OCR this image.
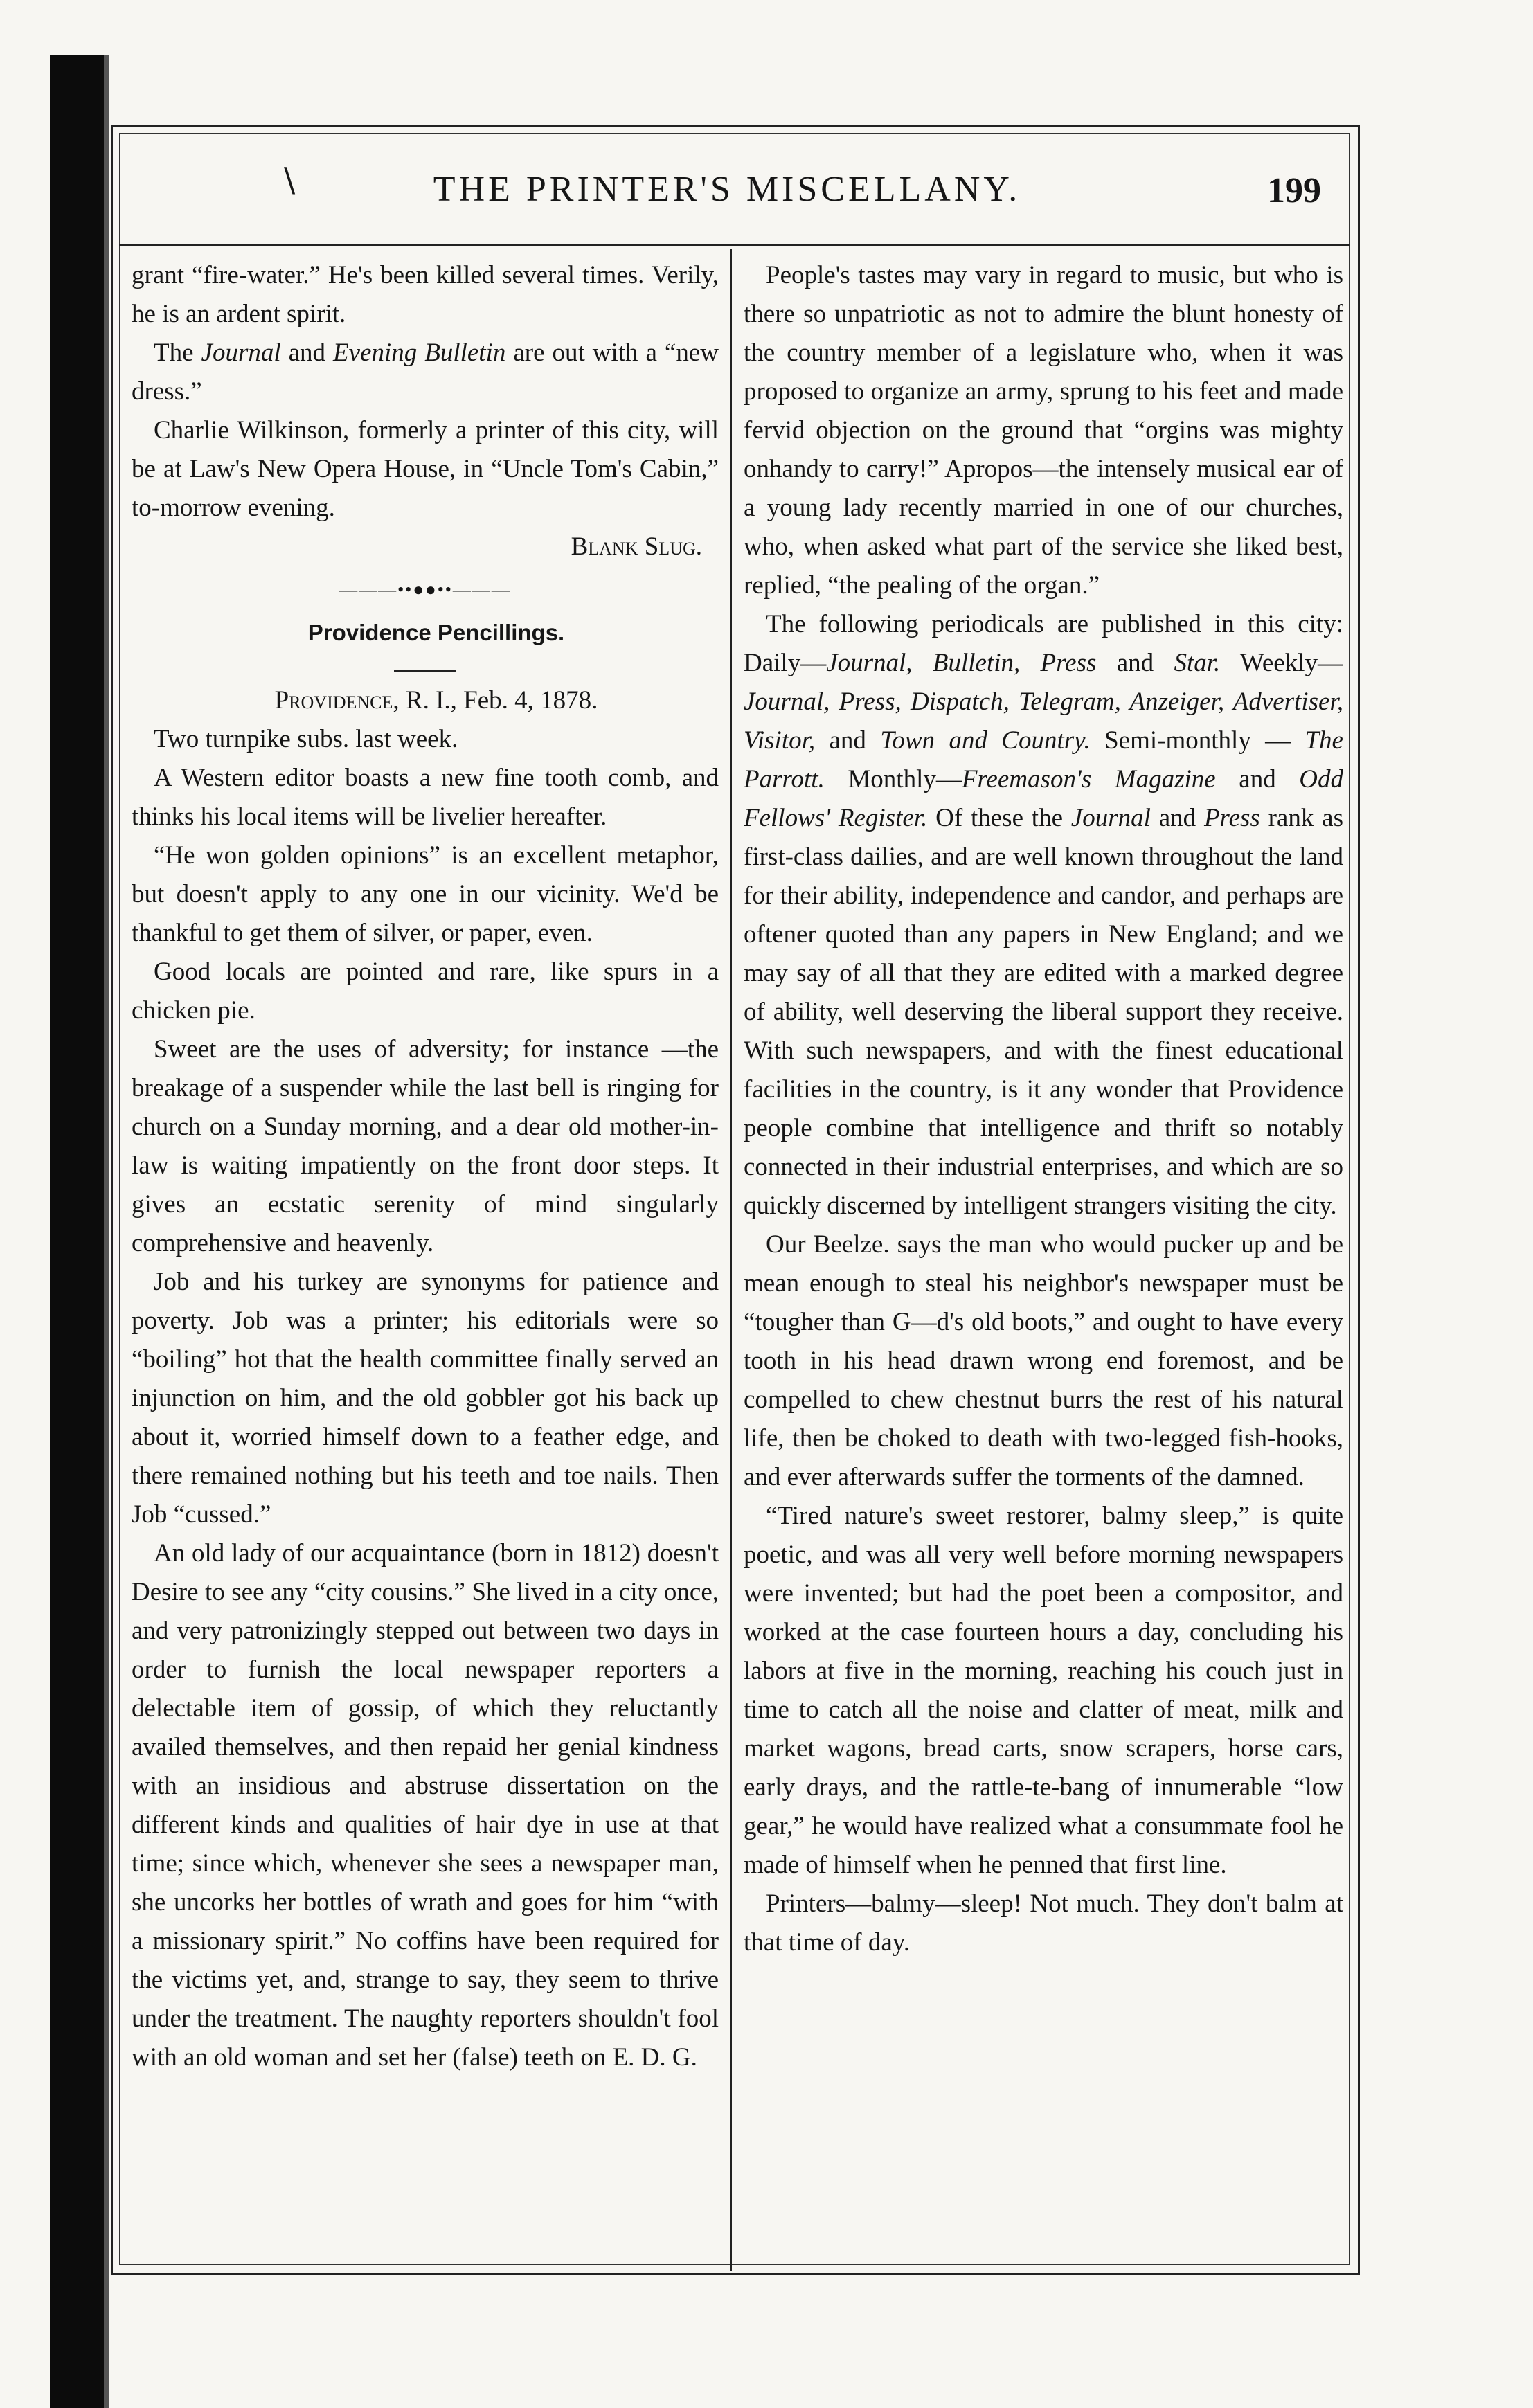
\	THE PRINTER'S MISCELLANY.	199

grant “fire-water.” He's been killed several times. Verily, he is an ardent spirit.

The Journal and Evening Bulletin are out with a “new dress.”

Charlie Wilkinson, formerly a printer of this city, will be at Law's New Opera House, in “Uncle Tom's Cabin,” to-morrow evening.

Blank Slug.

———••●●••———

Providence Pencillings.

Providence, R. I., Feb. 4, 1878.

Two turnpike subs. last week.

A Western editor boasts a new fine tooth comb, and thinks his local items will be livelier hereafter.

“He won golden opinions” is an excellent metaphor, but doesn't apply to any one in our vicinity. We'd be thankful to get them of silver, or paper, even.

Good locals are pointed and rare, like spurs in a chicken pie.

Sweet are the uses of adversity; for instance —the breakage of a suspender while the last bell is ringing for church on a Sunday morning, and a dear old mother-in-law is waiting impatiently on the front door steps. It gives an ecstatic serenity of mind singularly comprehensive and heavenly.

Job and his turkey are synonyms for patience and poverty. Job was a printer; his editorials were so “boiling” hot that the health committee finally served an injunction on him, and the old gobbler got his back up about it, worried himself down to a feather edge, and there remained nothing but his teeth and toe nails. Then Job “cussed.”

An old lady of our acquaintance (born in 1812) doesn't Desire to see any “city cousins.” She lived in a city once, and very patronizingly stepped out between two days in order to furnish the local newspaper reporters a delectable item of gossip, of which they reluctantly availed themselves, and then repaid her genial kindness with an insidious and abstruse dissertation on the different kinds and qualities of hair dye in use at that time; since which, whenever she sees a newspaper man, she uncorks her bottles of wrath and goes for him “with a missionary spirit.” No coffins have been required for the victims yet, and, strange to say, they seem to thrive under the treatment. The naughty reporters shouldn't fool with an old woman and set her (false) teeth on E. D. G.

People's tastes may vary in regard to music, but who is there so unpatriotic as not to admire the blunt honesty of the country member of a legislature who, when it was proposed to organize an army, sprung to his feet and made fervid objection on the ground that “orgins was mighty onhandy to carry!” Apropos—the intensely musical ear of a young lady recently married in one of our churches, who, when asked what part of the service she liked best, replied, “the pealing of the organ.”

The following periodicals are published in this city: Daily—Journal, Bulletin, Press and Star. Weekly—Journal, Press, Dispatch, Telegram, Anzeiger, Advertiser, Visitor, and Town and Country. Semi-monthly — The Parrott. Monthly—Freemason's Magazine and Odd Fellows' Register. Of these the Journal and Press rank as first-class dailies, and are well known throughout the land for their ability, independence and candor, and perhaps are oftener quoted than any papers in New England; and we may say of all that they are edited with a marked degree of ability, well deserving the liberal support they receive. With such newspapers, and with the finest educational facilities in the country, is it any wonder that Providence people combine that intelligence and thrift so notably connected in their industrial enterprises, and which are so quickly discerned by intelligent strangers visiting the city.

Our Beelze. says the man who would pucker up and be mean enough to steal his neighbor's newspaper must be “tougher than G—d's old boots,” and ought to have every tooth in his head drawn wrong end foremost, and be compelled to chew chestnut burrs the rest of his natural life, then be choked to death with two-legged fish-hooks, and ever afterwards suffer the torments of the damned.

“Tired nature's sweet restorer, balmy sleep,” is quite poetic, and was all very well before morning newspapers were invented; but had the poet been a compositor, and worked at the case fourteen hours a day, concluding his labors at five in the morning, reaching his couch just in time to catch all the noise and clatter of meat, milk and market wagons, bread carts, snow scrapers, horse cars, early drays, and the rattle-te-bang of innumerable “low gear,” he would have realized what a consummate fool he made of himself when he penned that first line.

Printers—balmy—sleep! Not much. They don't balm at that time of day.
